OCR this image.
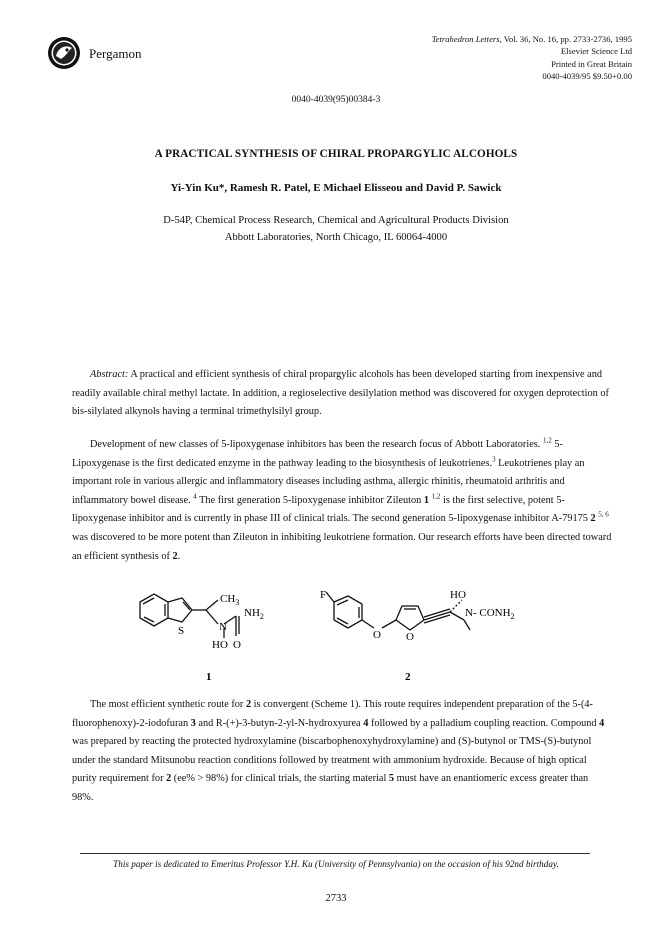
Pergamon
Tetrahedron Letters, Vol. 36, No. 16, pp. 2733-2736, 1995
Elsevier Science Ltd
Printed in Great Britain
0040-4039/95 $9.50+0.00
0040-4039(95)00384-3
A PRACTICAL SYNTHESIS OF CHIRAL PROPARGYLIC ALCOHOLS
Yi-Yin Ku*, Ramesh R. Patel, E Michael Elisseou and David P. Sawick
D-54P, Chemical Process Research, Chemical and Agricultural Products Division
Abbott Laboratories, North Chicago, IL 60064-4000
Abstract: A practical and efficient synthesis of chiral propargylic alcohols has been developed starting from inexpensive and readily available chiral methyl lactate. In addition, a regioselective desilylation method was discovered for oxygen deprotection of bis-silylated alkynols having a terminal trimethylsilyl group.
Development of new classes of 5-lipoxygenase inhibitors has been the research focus of Abbott Laboratories. $^{1,2}$ 5-Lipoxygenase is the first dedicated enzyme in the pathway leading to the biosynthesis of leukotrienes.$^3$ Leukotrienes play an important role in various allergic and inflammatory diseases including asthma, allergic rhinitis, rheumatoid arthritis and inflammatory bowel disease. $^4$ The first generation 5-lipoxygenase inhibitor Zileuton 1 $^{1,2}$ is the first selective, potent 5-lipoxygenase inhibitor and is currently in phase III of clinical trials. The second generation 5-lipoxygenase inhibitor A-79175 2 $^{5, 6}$ was discovered to be more potent than Zileuton in inhibiting leukotriene formation. Our research efforts have been directed toward an efficient synthesis of 2.
$CH_3$
S	N
$NH_2$
HO O
1
F
O O
HO
N- $CONH_2$
2
The most efficient synthetic route for 2 is convergent (Scheme 1). This route requires independent preparation of the 5-(4-fluorophenoxy)-2-iodofuran 3 and R-(+)-3-butyn-2-yl-N-hydroxyurea 4 followed by a palladium coupling reaction. Compound 4 was prepared by reacting the protected hydroxylamine (biscarbophenoxyhydroxylamine) and (S)-butynol or TMS-(S)-butynol under the standard Mitsunobu reaction conditions followed by treatment with ammonium hydroxide. Because of high optical purity requirement for 2 (ee% > 98%) for clinical trials, the starting material 5 must have an enantiomeric excess greater than 98%.
This paper is dedicated to Emeritus Professor Y.H. Ku (University of Pennsylvania) on the occasion of his 92nd birthday.
2733
